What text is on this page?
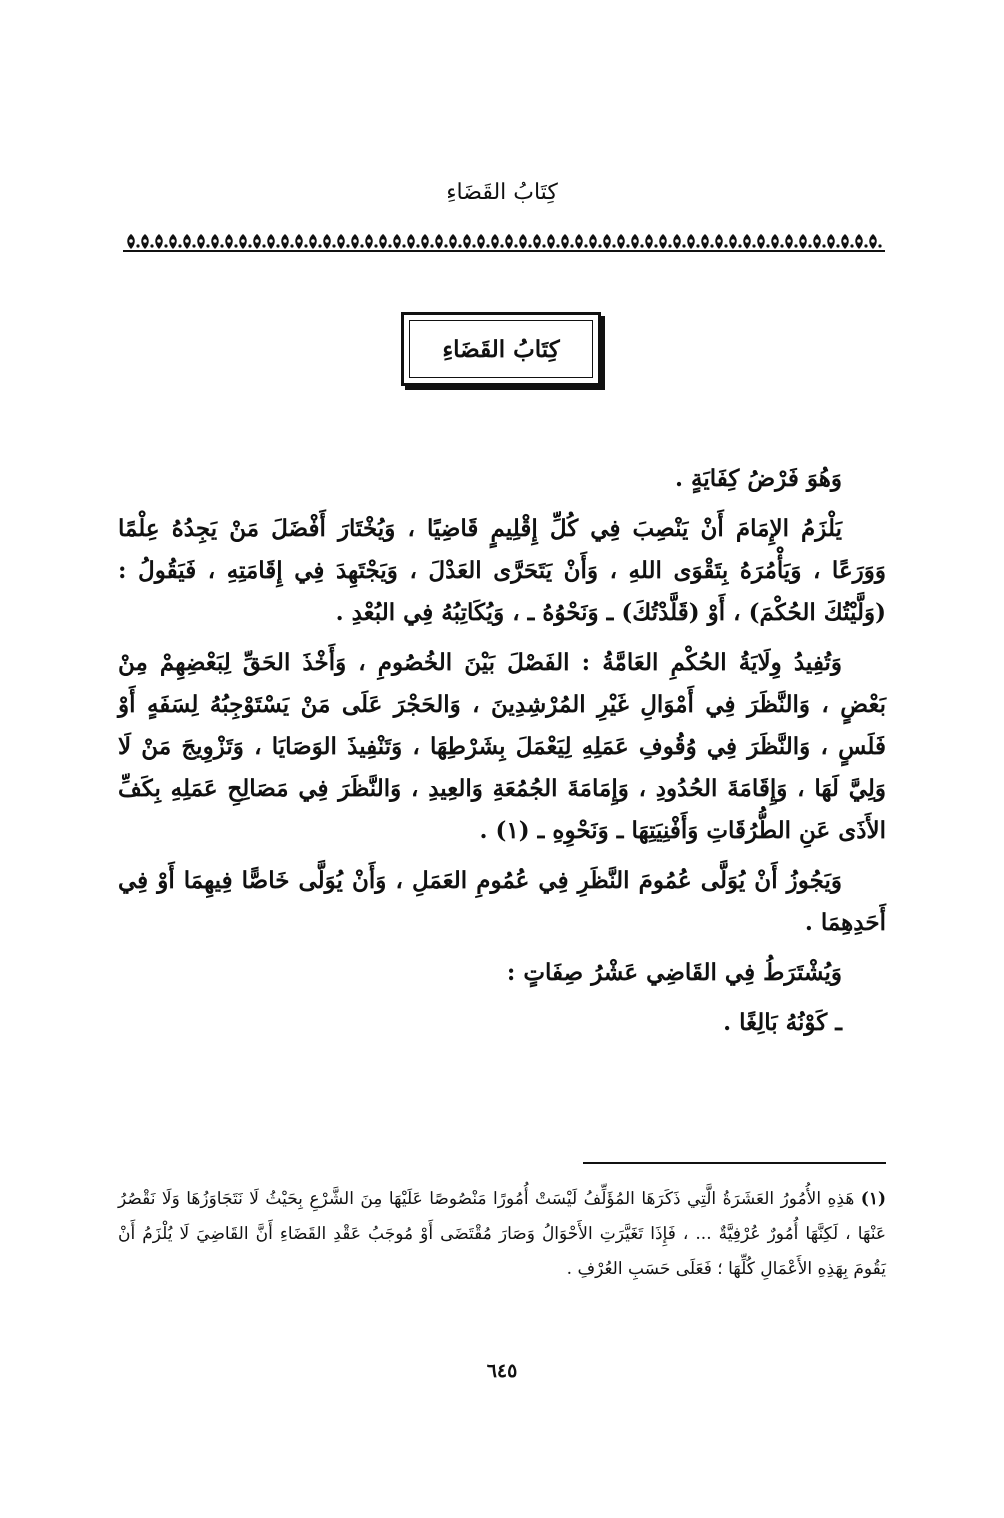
كِتَابُ القَضَاءِ
كِتَابُ القَضَاءِ

وَهُوَ فَرْضُ كِفَايَةٍ .

يَلْزَمُ الإِمَامَ أَنْ يَنْصِبَ فِي كُلِّ إِقْلِيمٍ قَاضِيًا ، وَيُخْتَارَ أَفْضَلَ مَنْ يَجِدُهُ عِلْمًا وَوَرَعًا ، وَيَأْمُرَهُ بِتَقْوَى اللهِ ، وَأَنْ يَتَحَرَّى العَدْلَ ، وَيَجْتَهِدَ فِي إِقَامَتِهِ ، فَيَقُولُ : (وَلَّيْتُكَ الحُكْمَ) ، أَوْ (قَلَّدْتُكَ) ـ وَنَحْوُهُ ـ ، وَيُكَاتِبُهُ فِي البُعْدِ .

وَتُفِيدُ وِلَايَةُ الحُكْمِ العَامَّةُ : الفَصْلَ بَيْنَ الخُصُومِ ، وَأَخْذَ الحَقِّ لِبَعْضِهِمْ مِنْ بَعْضٍ ، وَالنَّظَرَ فِي أَمْوَالِ غَيْرِ المُرْشِدِينَ ، وَالحَجْرَ عَلَى مَنْ يَسْتَوْجِبُهُ لِسَفَهٍ أَوْ فَلَسٍ ، وَالنَّظَرَ فِي وُقُوفِ عَمَلِهِ لِيَعْمَلَ بِشَرْطِهَا ، وَتَنْفِيذَ الوَصَايَا ، وَتَزْوِيجَ مَنْ لَا وَلِيَّ لَهَا ، وَإِقَامَةَ الحُدُودِ ، وَإِمَامَةَ الجُمُعَةِ وَالعِيدِ ، وَالنَّظَرَ فِي مَصَالِحِ عَمَلِهِ بِكَفِّ الأَذَى عَنِ الطُّرُقَاتِ وَأَفْنِيَتِهَا ـ وَنَحْوِهِ ـ (١) .

وَيَجُوزُ أَنْ يُوَلَّى عُمُومَ النَّظَرِ فِي عُمُومِ العَمَلِ ، وَأَنْ يُوَلَّى خَاصًّا فِيهِمَا أَوْ فِي أَحَدِهِمَا .

وَيُشْتَرَطُ فِي القَاضِي عَشْرُ صِفَاتٍ :

ـ كَوْنُهُ بَالِغًا .

(١) هَذِهِ الأُمُورُ العَشَرَةُ الَّتِي ذَكَرَهَا المُؤَلِّفُ لَيْسَتْ أُمُورًا مَنْصُوصًا عَلَيْهَا مِنَ الشَّرْعِ بِحَيْثُ لَا نَتَجَاوَزُهَا وَلَا نَقْصُرُ عَنْهَا ، لَكِنَّهَا أُمُورٌ عُرْفِيَّةٌ ... ، فَإِذَا تَغَيَّرَتِ الأَحْوَالُ وَصَارَ مُقْتَضَى أَوْ مُوجَبُ عَقْدِ القَضَاءِ أَنَّ القَاضِيَ لَا يُلْزَمُ أَنْ يَقُومَ بِهَذِهِ الأَعْمَالِ كُلِّهَا ؛ فَعَلَى حَسَبِ العُرْفِ .
٦٤٥
